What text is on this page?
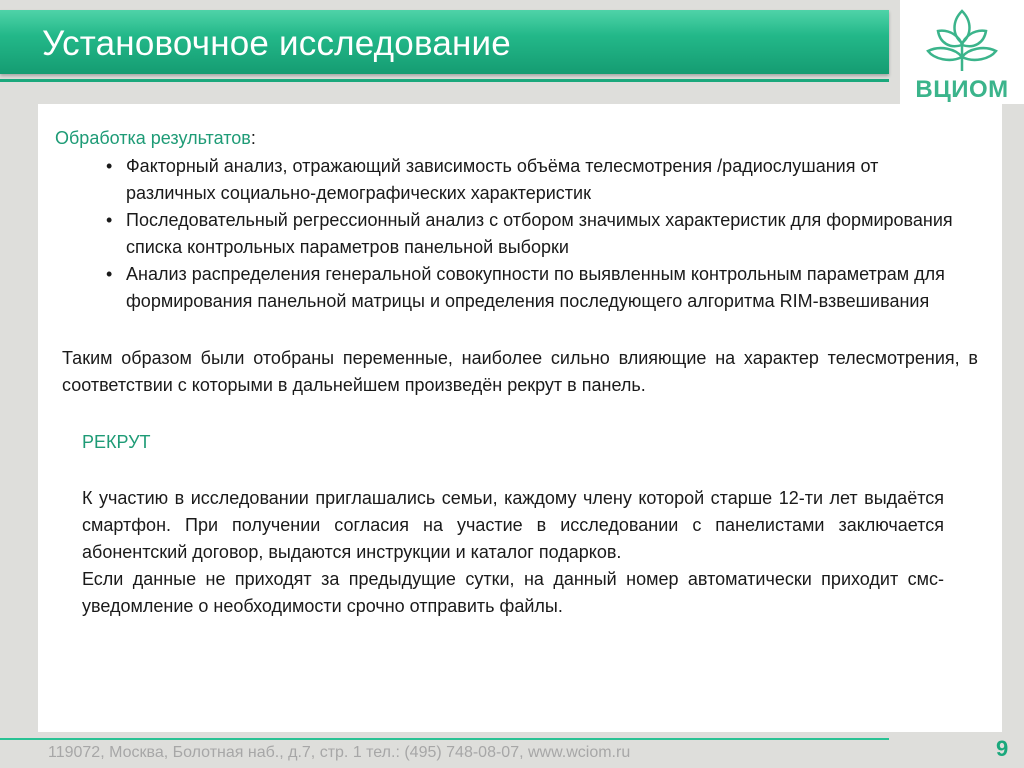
Установочное исследование
ВЦИОМ

Обработка результатов:

• Факторный анализ, отражающий зависимость объёма телесмотрения /радиослушания от различных социально-демографических характеристик
• Последовательный регрессионный анализ с отбором значимых характеристик для формирования списка контрольных параметров панельной выборки
• Анализ распределения генеральной совокупности по выявленным контрольным параметрам для формирования панельной матрицы и определения последующего алгоритма RIM-взвешивания

Таким образом были отобраны переменные, наиболее сильно влияющие на характер телесмотрения, в соответствии с которыми в дальнейшем произведён рекрут в панель.

РЕКРУТ

К участию в исследовании приглашались семьи, каждому члену которой старше 12-ти лет выдаётся смартфон. При получении согласия на участие в исследовании с панелистами заключается абонентский договор, выдаются инструкции и каталог подарков.

Если данные не приходят за предыдущие сутки, на данный номер автоматически приходит смс-уведомление о необходимости срочно отправить файлы.

119072, Москва, Болотная наб., д.7, стр. 1 тел.: (495) 748-08-07, www.wciom.ru	9
